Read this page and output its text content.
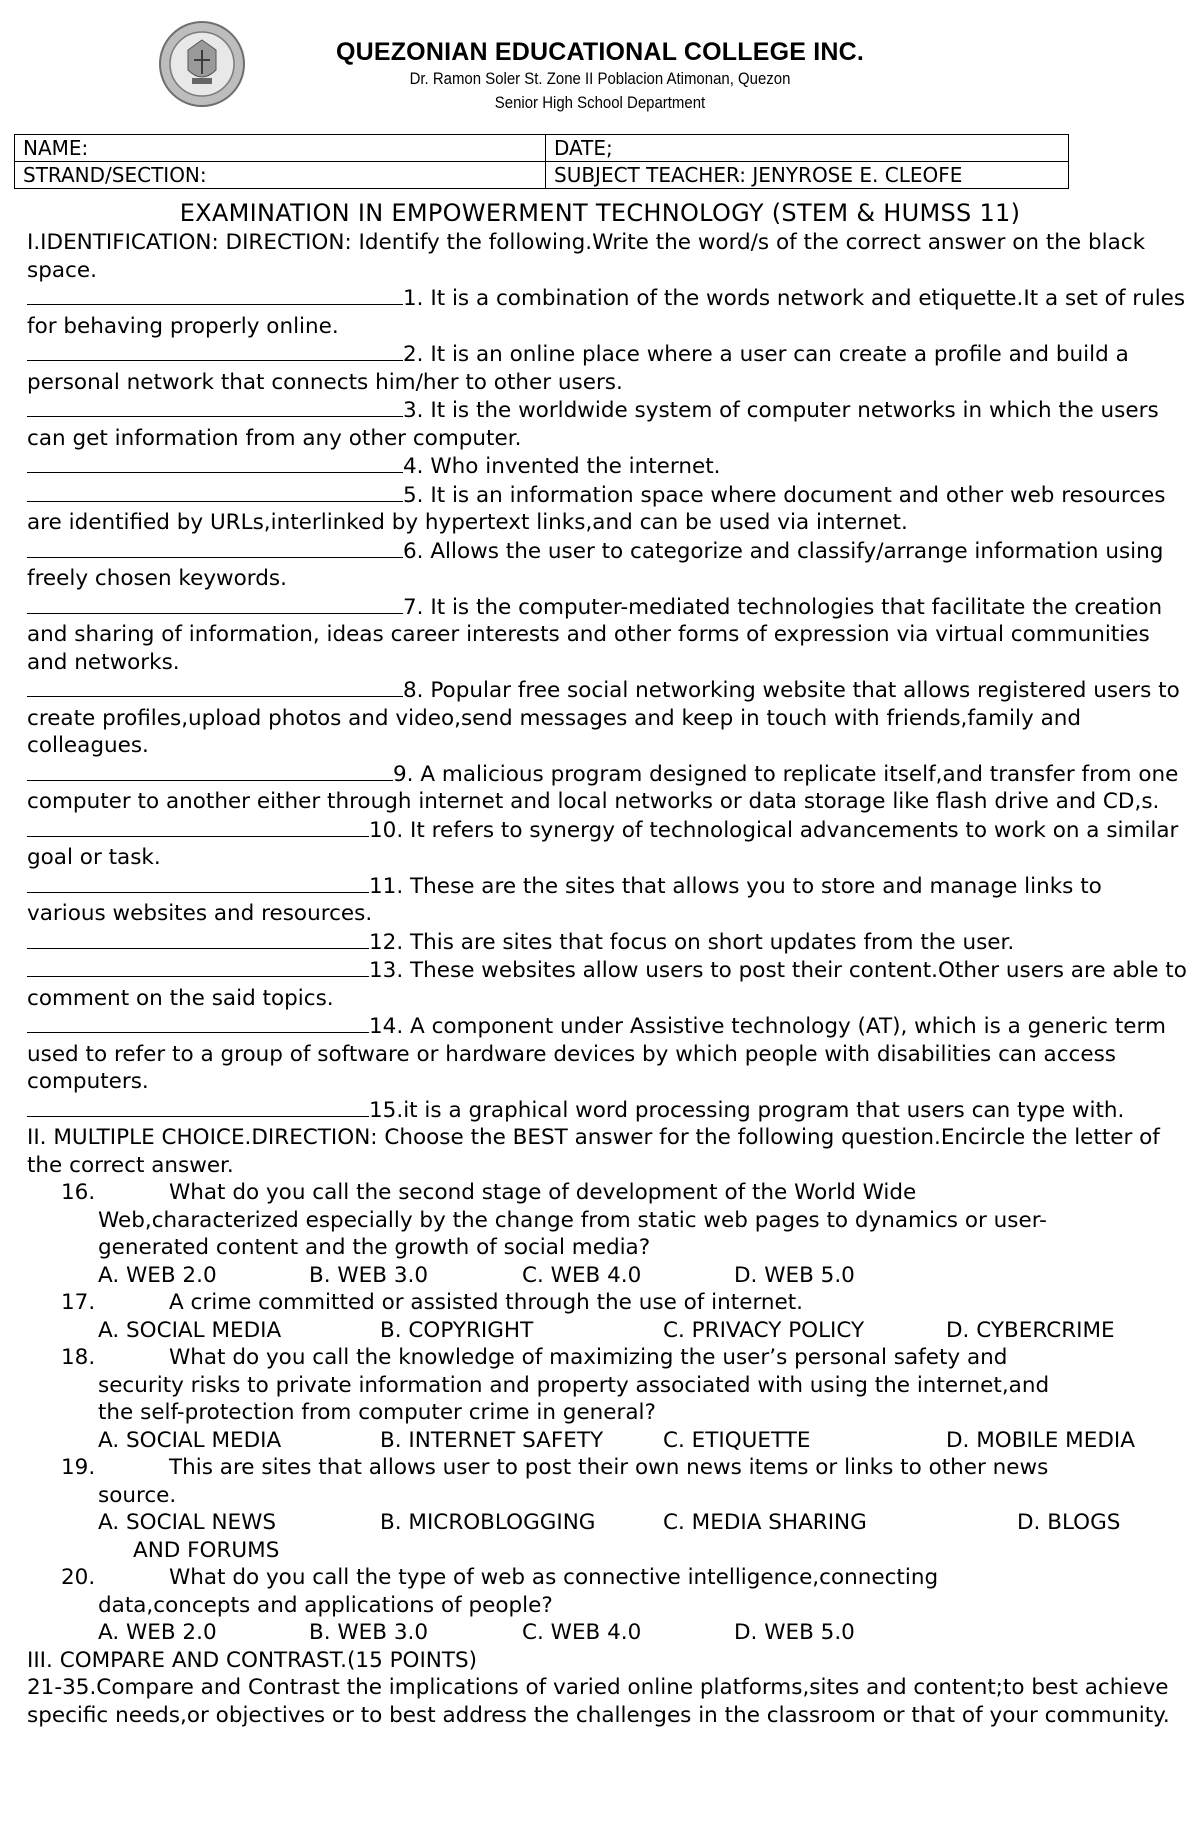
QUEZONIAN EDUCATIONAL COLLEGE INC.
Dr. Ramon Soler St. Zone II Poblacion Atimonan, Quezon
Senior High School Department
NAME:	DATE;
STRAND/SECTION:	SUBJECT TEACHER: JENYROSE E. CLEOFE
EXAMINATION IN EMPOWERMENT TECHNOLOGY (STEM & HUMSS 11)

I.IDENTIFICATION: DIRECTION: Identify the following.Write the word/s of the correct answer on the black space.

1. It is a combination of the words network and etiquette.It a set of rules for behaving properly online.

2. It is an online place where a user can create a profile and build a personal network that connects him/her to other users.

3. It is the worldwide system of computer networks in which the users can get information from any other computer.

4. Who invented the internet.

5. It is an information space where document and other web resources are identified by URLs,interlinked by hypertext links,and can be used via internet.

6. Allows the user to categorize and classify/arrange information using freely chosen keywords.

7. It is the computer-mediated technologies that facilitate the creation and sharing of information, ideas career interests and other forms of expression via virtual communities and networks.

8. Popular free social networking website that allows registered users to create profiles,upload photos and video,send messages and keep in touch with friends,family and colleagues.

9. A malicious program designed to replicate itself,and transfer from one computer to another either through internet and local networks or data storage like flash drive and CD,s.

10. It refers to synergy of technological advancements to work on a similar goal or task.

11. These are the sites that allows you to store and manage links to various websites and resources.

12. This are sites that focus on short updates from the user.

13. These websites allow users to post their content.Other users are able to comment on the said topics.

14. A component under Assistive technology (AT), which is a generic term used to refer to a group of software or hardware devices by which people with disabilities can access computers.

15.it is a graphical word processing program that users can type with.

II. MULTIPLE CHOICE.DIRECTION: Choose the BEST answer for the following question.Encircle the letter of the correct answer.

16.	What do you call the second stage of development of the World Wide
Web,characterized especially by the change from static web pages to dynamics or user-
generated content and the growth of social media?
A. WEB 2.0	B. WEB 3.0	C. WEB 4.0	D. WEB 5.0
17.	A crime committed or assisted through the use of internet.
A. SOCIAL MEDIA	B. COPYRIGHT	C. PRIVACY POLICY	D. CYBERCRIME
18.	What do you call the knowledge of maximizing the user’s personal safety and
security risks to private information and property associated with using the internet,and
the self-protection from computer crime in general?
A. SOCIAL MEDIA	B. INTERNET SAFETY	C. ETIQUETTE	D. MOBILE MEDIA
19.	This are sites that allows user to post their own news items or links to other news
source.
A. SOCIAL NEWS	B. MICROBLOGGING	C. MEDIA SHARING	D. BLOGS
AND FORUMS
20.	What do you call the type of web as connective intelligence,connecting
data,concepts and applications of people?
A. WEB 2.0	B. WEB 3.0	C. WEB 4.0	D. WEB 5.0

III. COMPARE AND CONTRAST.(15 POINTS)

21-35.Compare and Contrast the implications of varied online platforms,sites and content;to best achieve specific needs,or objectives or to best address the challenges in the classroom or that of your community.
